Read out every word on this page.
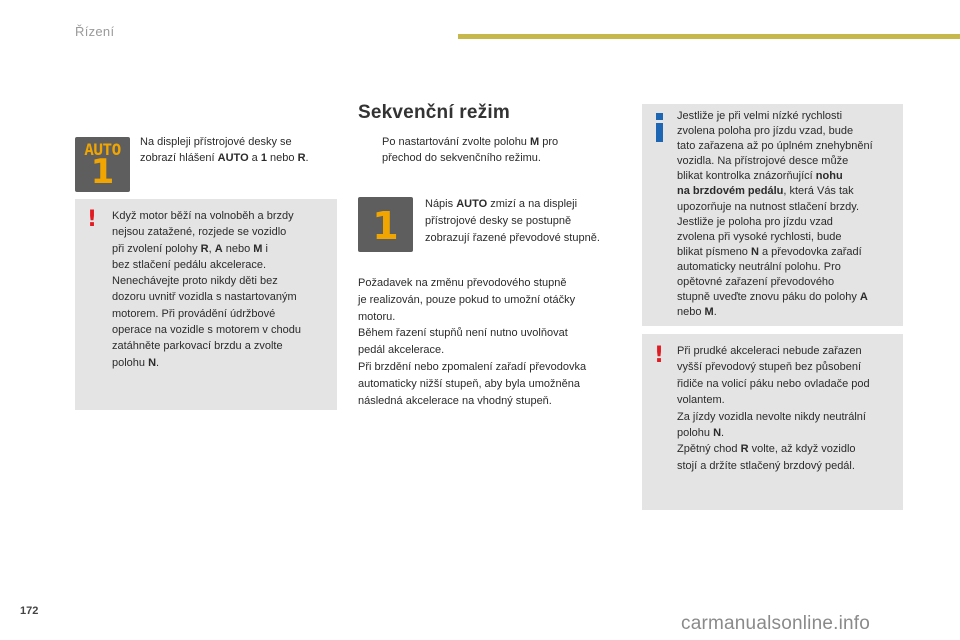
Řízení
AUTO
1
Na displeji přístrojové desky se
zobrazí hlášení AUTO a 1 nebo R.
! Když motor běží na volnoběh a brzdy
nejsou zatažené, rozjede se vozidlo
při zvolení polohy R, A nebo M i
bez stlačení pedálu akcelerace.
Nenechávejte proto nikdy děti bez
dozoru uvnitř vozidla s nastartovaným
motorem. Při provádění údržbové
operace na vozidle s motorem v chodu
zatáhněte parkovací brzdu a zvolte
polohu N.
Sekvenční režim
Po nastartování zvolte polohu M pro
přechod do sekvenčního režimu.
1	Nápis AUTO zmizí a na displeji
přístrojové desky se postupně
zobrazují řazené převodové stupně.
Požadavek na změnu převodového stupně
je realizován, pouze pokud to umožní otáčky
motoru.
Během řazení stupňů není nutno uvolňovat
pedál akcelerace.
Při brzdění nebo zpomalení zařadí převodovka
automaticky nižší stupeň, aby byla umožněna
následná akcelerace na vhodný stupeň.
Jestliže je při velmi nízké rychlosti
zvolena poloha pro jízdu vzad, bude
tato zařazena až po úplném znehybnění
vozidla. Na přístrojové desce může
blikat kontrolka znázorňující nohu
na brzdovém pedálu, která Vás tak
upozorňuje na nutnost stlačení brzdy.
Jestliže je poloha pro jízdu vzad
zvolena při vysoké rychlosti, bude
blikat písmeno N a převodovka zařadí
automaticky neutrální polohu. Pro
opětovné zařazení převodového
stupně uveďte znovu páku do polohy A
nebo M.
! Při prudké akceleraci nebude zařazen
vyšší převodový stupeň bez působení
řidiče na volicí páku nebo ovladače pod
volantem.
Za jízdy vozidla nevolte nikdy neutrální
polohu N.
Zpětný chod R volte, až když vozidlo
stojí a držíte stlačený brzdový pedál.
172
carmanualsonline.info
